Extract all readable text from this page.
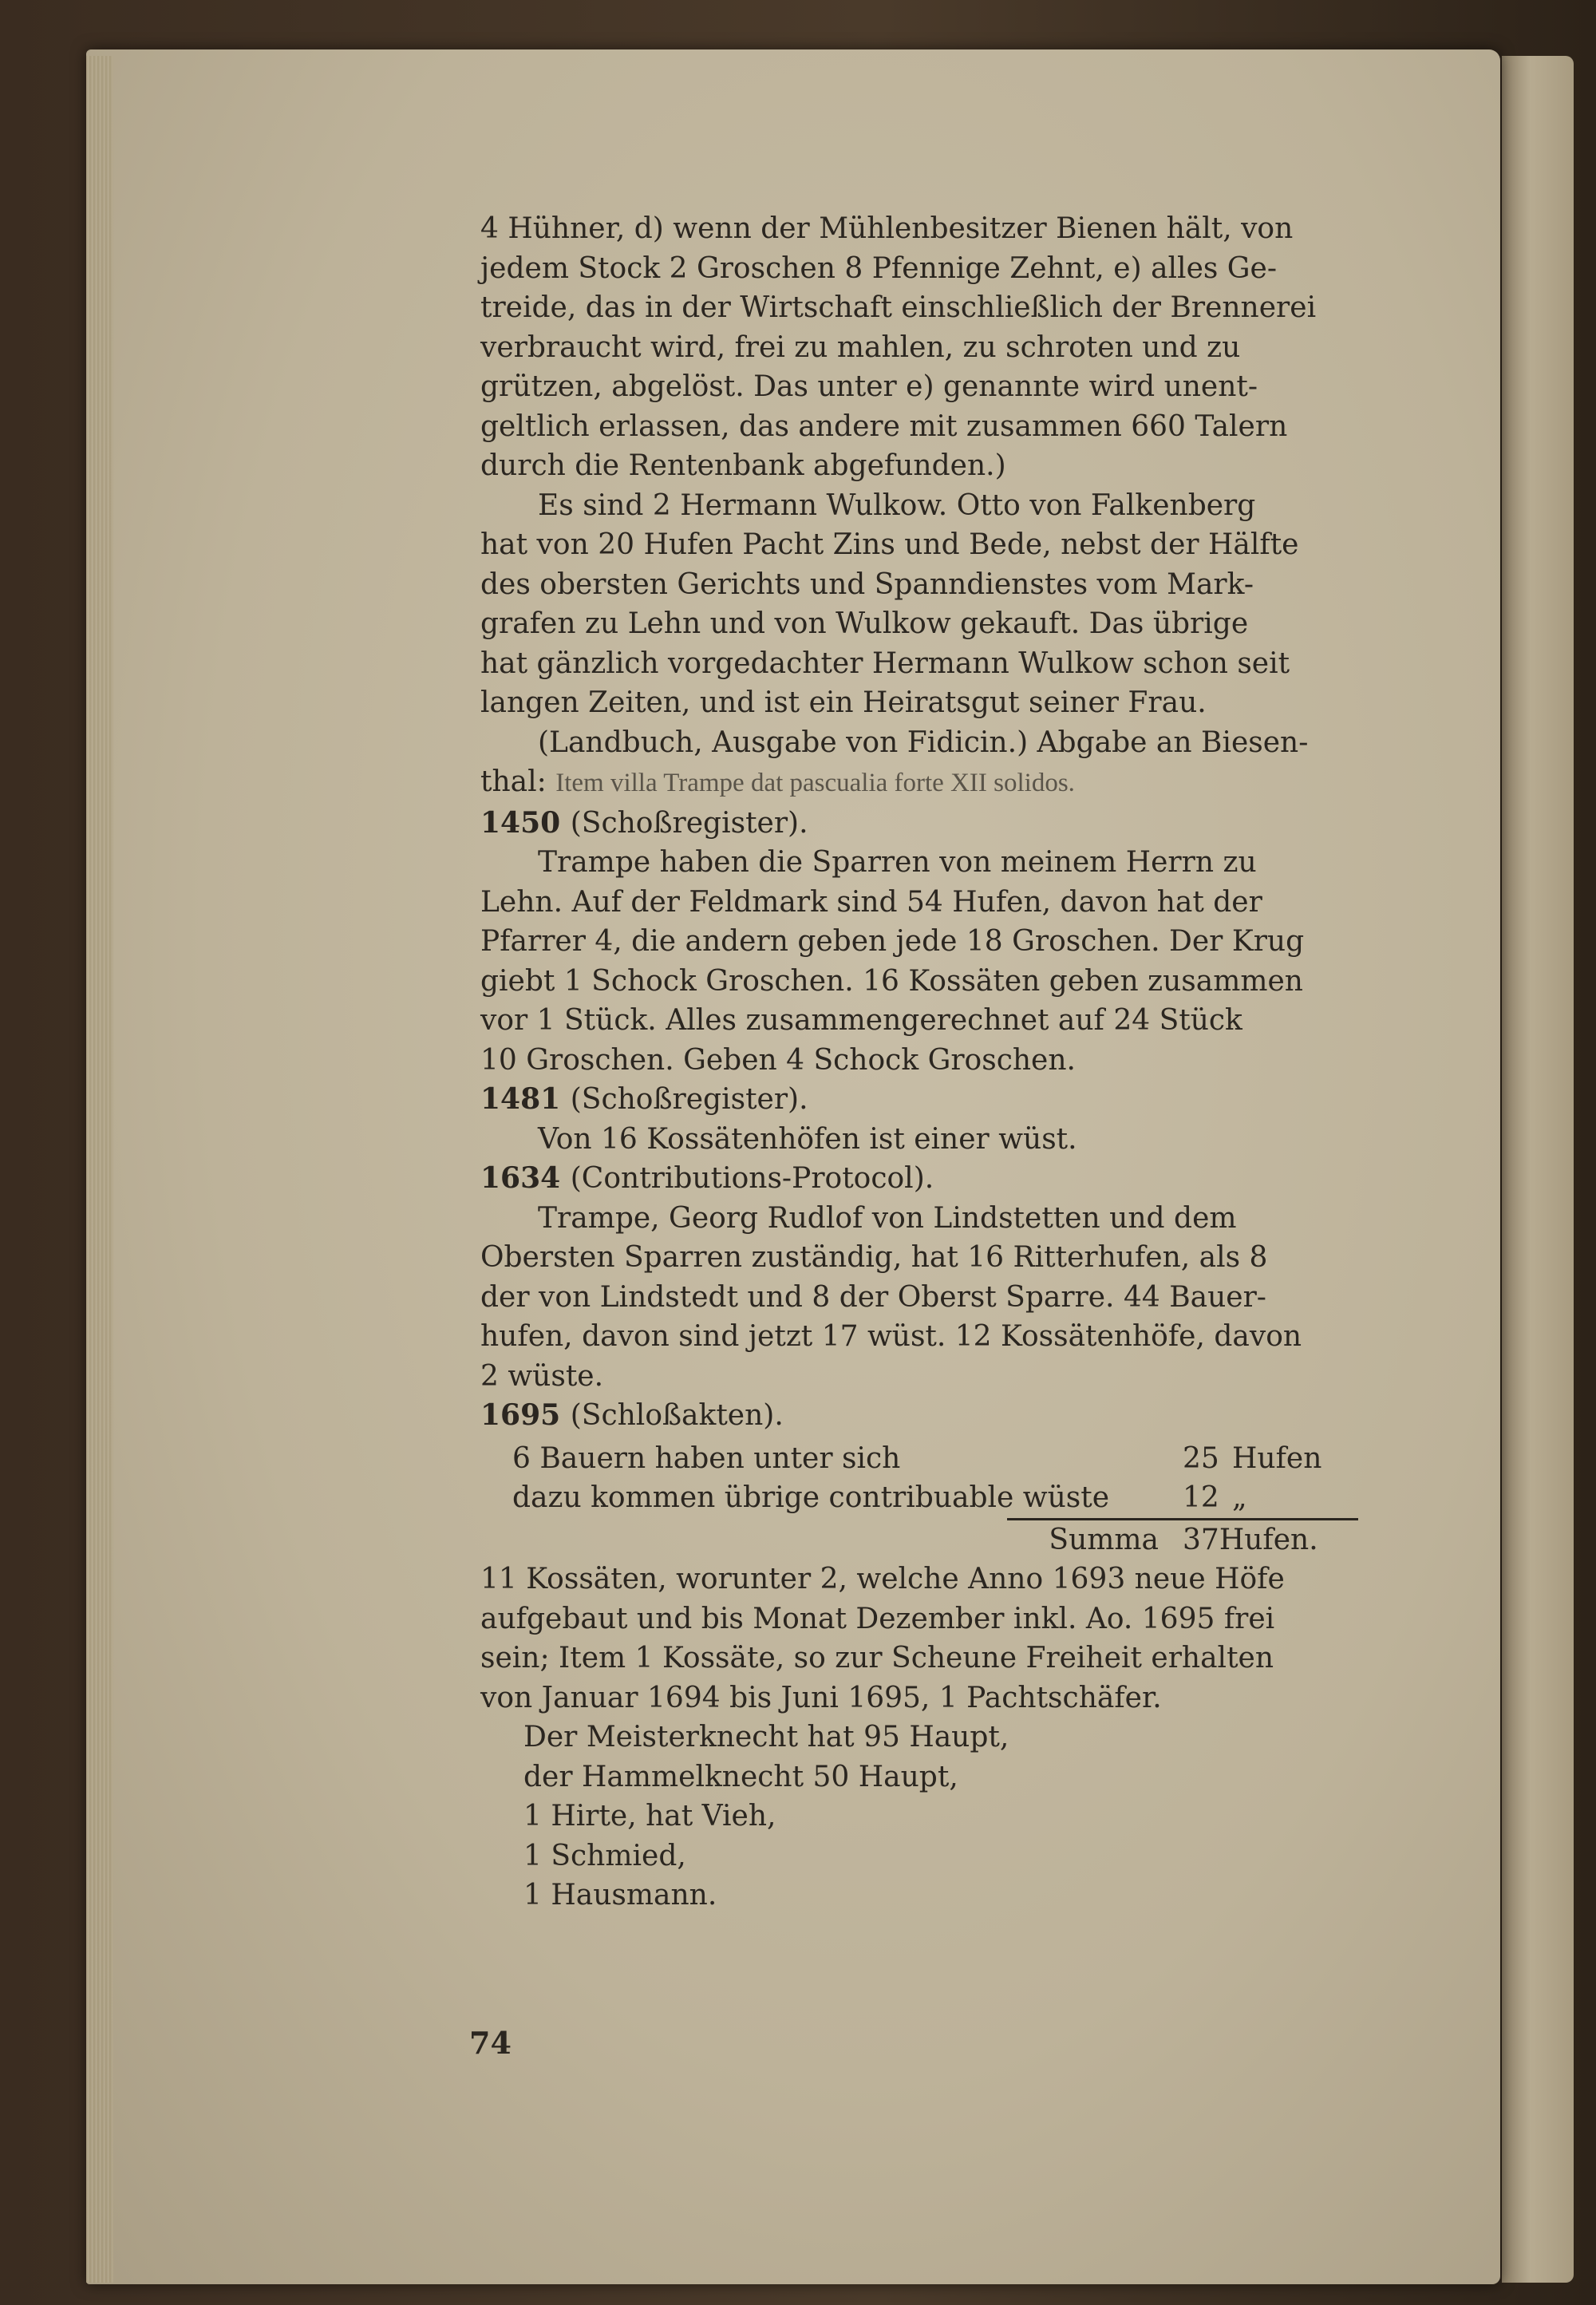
4 Hühner, d) wenn der Mühlenbesitzer Bienen hält, von
jedem Stock 2 Groschen 8 Pfennige Zehnt, e) alles Ge-
treide, das in der Wirtschaft einschließlich der Brennerei
verbraucht wird, frei zu mahlen, zu schroten und zu
grützen, abgelöst. Das unter e) genannte wird unent-
geltlich erlassen, das andere mit zusammen 660 Talern
durch die Rentenbank abgefunden.)

Es sind 2 Hermann Wulkow. Otto von Falkenberg
hat von 20 Hufen Pacht Zins und Bede, nebst der Hälfte
des obersten Gerichts und Spanndienstes vom Mark-
grafen zu Lehn und von Wulkow gekauft. Das übrige
hat gänzlich vorgedachter Hermann Wulkow schon seit
langen Zeiten, und ist ein Heiratsgut seiner Frau.

(Landbuch, Ausgabe von Fidicin.) Abgabe an Biesen-
thal: Item villa Trampe dat pascualia forte XII solidos.

1450 (Schoßregister).

Trampe haben die Sparren von meinem Herrn zu
Lehn. Auf der Feldmark sind 54 Hufen, davon hat der
Pfarrer 4, die andern geben jede 18 Groschen. Der Krug
giebt 1 Schock Groschen. 16 Kossäten geben zusammen
vor 1 Stück. Alles zusammengerechnet auf 24 Stück
10 Groschen. Geben 4 Schock Groschen.

1481 (Schoßregister).

Von 16 Kossätenhöfen ist einer wüst.

1634 (Contributions-Protocol).

Trampe, Georg Rudlof von Lindstetten und dem
Obersten Sparren zuständig, hat 16 Ritterhufen, als 8
der von Lindstedt und 8 der Oberst Sparre. 44 Bauer-
hufen, davon sind jetzt 17 wüst. 12 Kossätenhöfe, davon
2 wüste.

1695 (Schloßakten).

6 Bauern haben unter sich	25 Hufen
dazu kommen übrige contribuable wüste	12 „
Summa 37Hufen.

11 Kossäten, worunter 2, welche Anno 1693 neue Höfe
aufgebaut und bis Monat Dezember inkl. Ao. 1695 frei
sein; Item 1 Kossäte, so zur Scheune Freiheit erhalten
von Januar 1694 bis Juni 1695, 1 Pachtschäfer.

Der Meisterknecht hat 95 Haupt,

der Hammelknecht 50 Haupt,

1 Hirte, hat Vieh,

1 Schmied,

1 Hausmann.

74
